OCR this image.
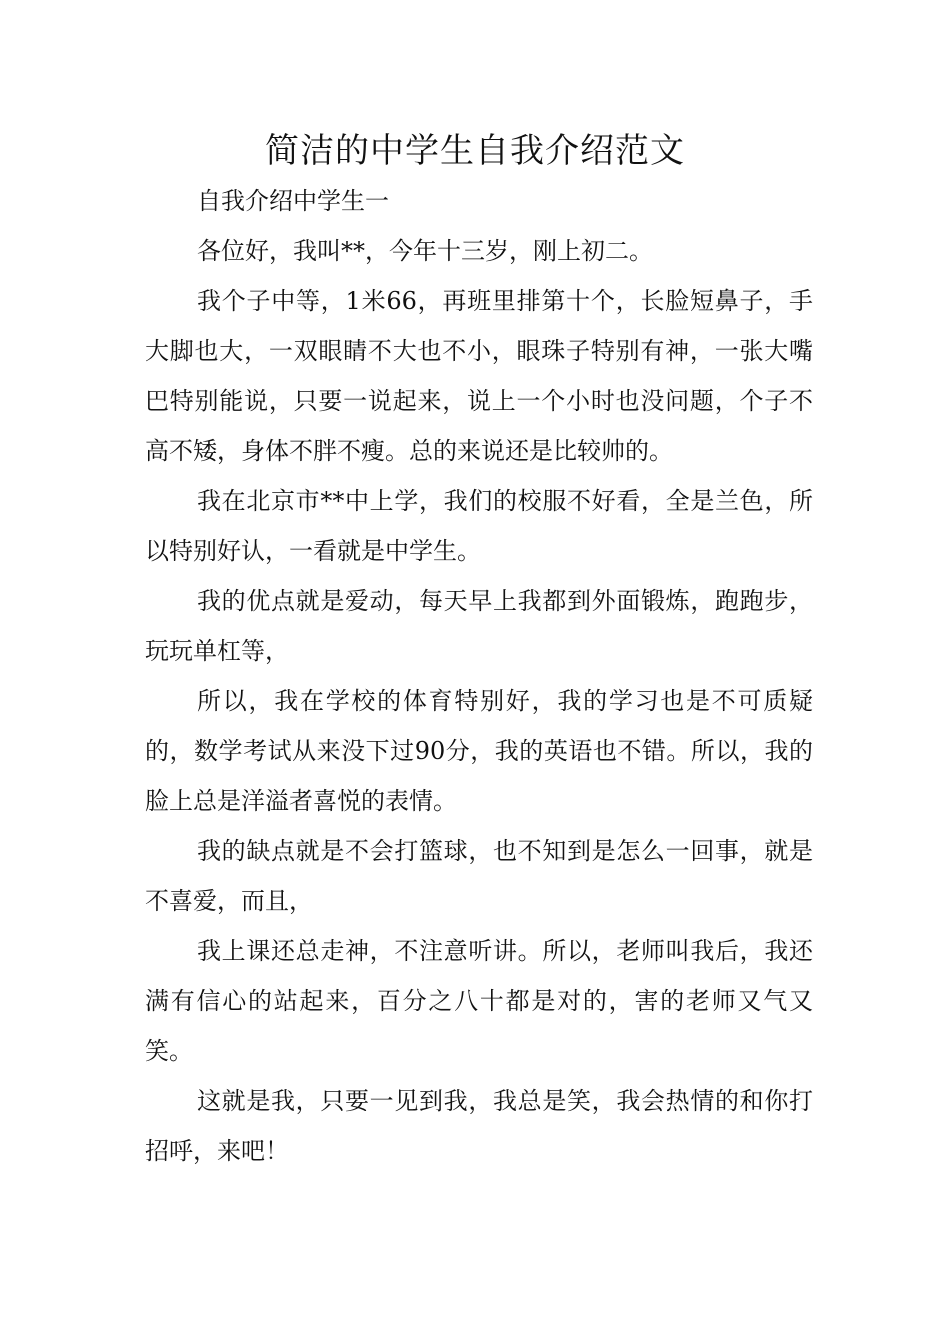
简洁的中学生自我介绍范文

自我介绍中学生一

各位好，我叫**，今年十三岁，刚上初二。

我个子中等，1米66，再班里排第十个，长脸短鼻子，手大脚也大，一双眼睛不大也不小，眼珠子特别有神，一张大嘴巴特别能说，只要一说起来，说上一个小时也没问题，个子不高不矮，身体不胖不瘦。总的来说还是比较帅的。

我在北京市**中上学，我们的校服不好看，全是兰色，所以特别好认，一看就是中学生。

我的优点就是爱动，每天早上我都到外面锻炼，跑跑步，玩玩单杠等，

所以，我在学校的体育特别好，我的学习也是不可质疑的，数学考试从来没下过90分，我的英语也不错。所以，我的脸上总是洋溢者喜悦的表情。

我的缺点就是不会打篮球，也不知到是怎么一回事，就是不喜爱，而且，

我上课还总走神，不注意听讲。所以，老师叫我后，我还满有信心的站起来，百分之八十都是对的，害的老师又气又笑。

这就是我，只要一见到我，我总是笑，我会热情的和你打招呼，来吧！
